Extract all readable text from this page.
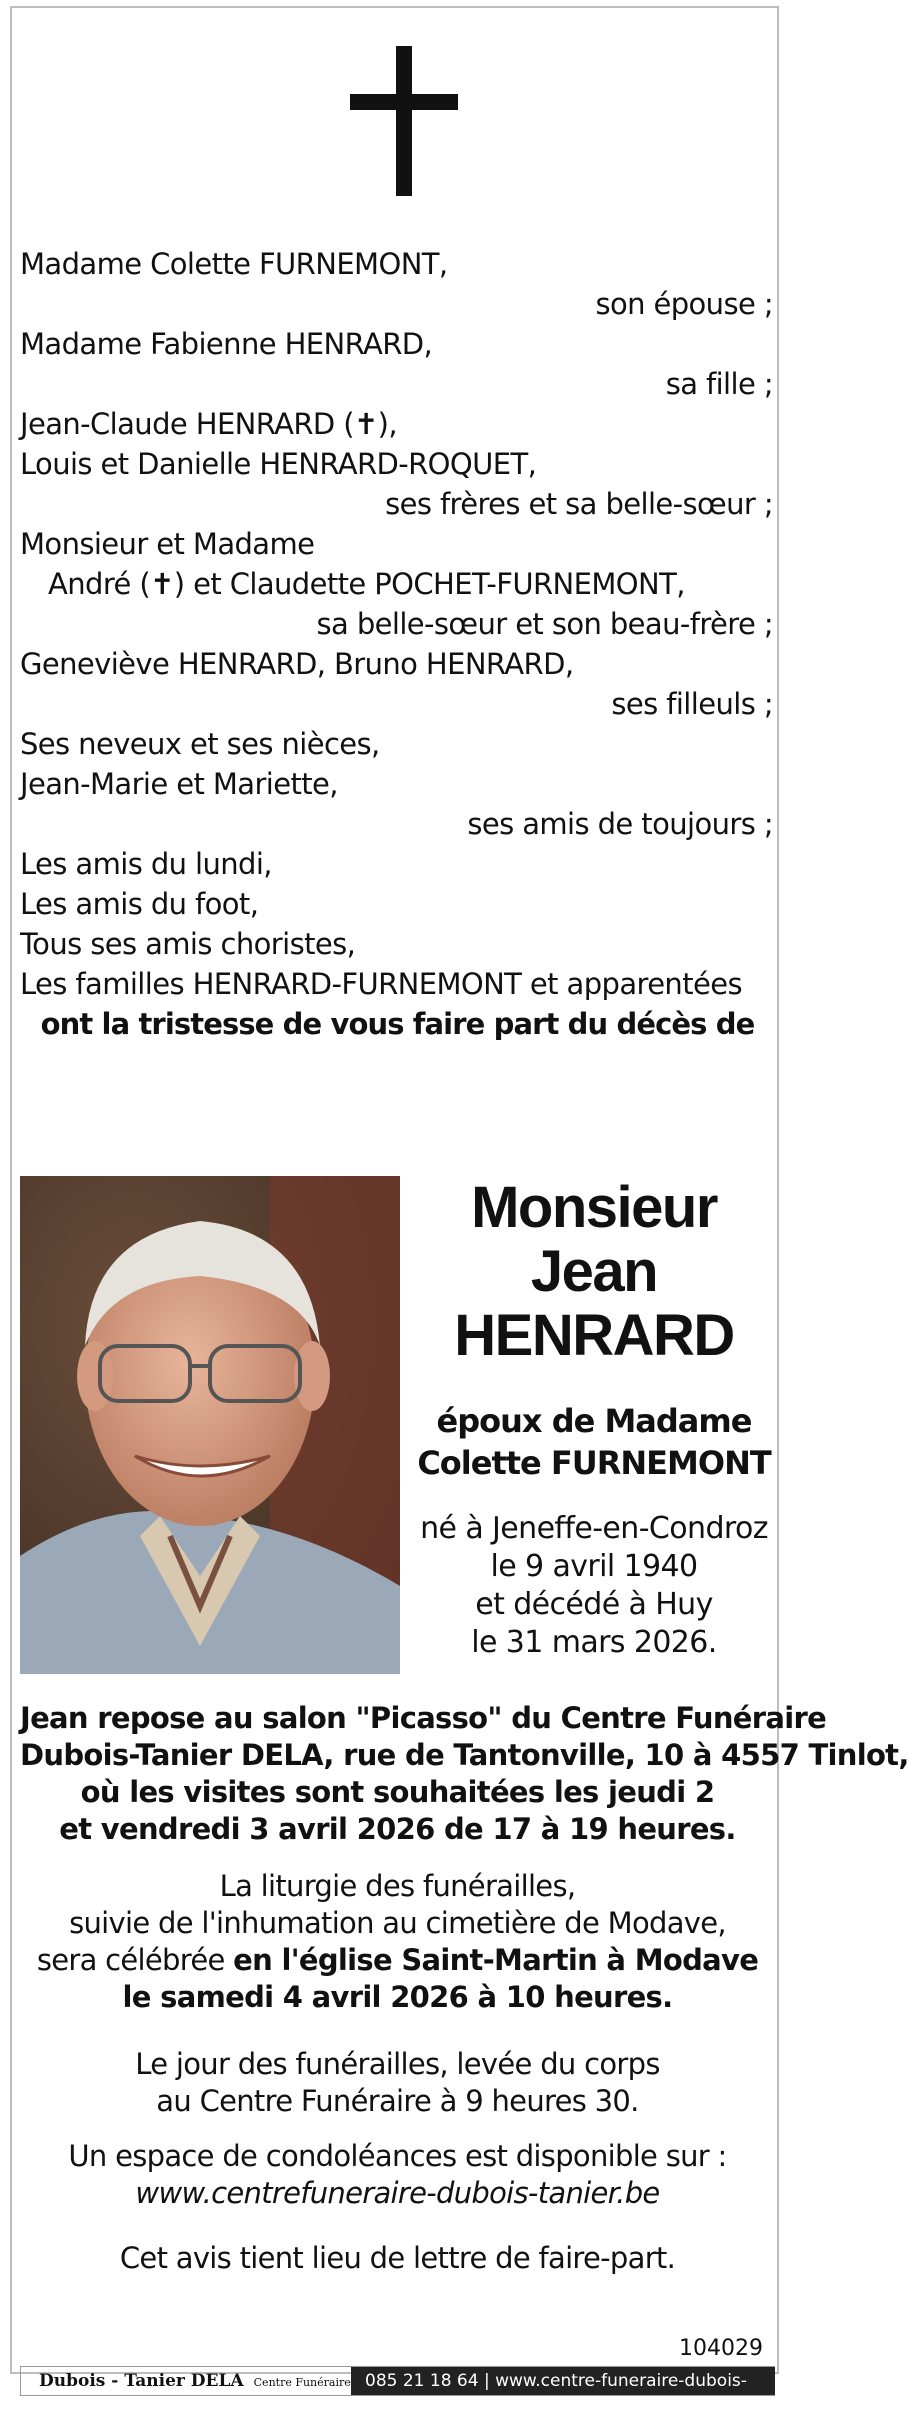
Madame Colette FURNEMONT,
son épouse ;
Madame Fabienne HENRARD,
sa fille ;
Jean-Claude HENRARD (✝),
Louis et Danielle HENRARD-ROQUET,
ses frères et sa belle-sœur ;
Monsieur et Madame
André (✝) et Claudette POCHET-FURNEMONT,
sa belle-sœur et son beau-frère ;
Geneviève HENRARD, Bruno HENRARD,
ses filleuls ;
Ses neveux et ses nièces,
Jean-Marie et Mariette,
ses amis de toujours ;
Les amis du lundi,
Les amis du foot,
Tous ses amis choristes,
Les familles HENRARD-FURNEMONT et apparentées
ont la tristesse de vous faire part du décès de
Monsieur
Jean
HENRARD
époux de Madame
Colette FURNEMONT
né à Jeneffe-en-Condroz
le 9 avril 1940
et décédé à Huy
le 31 mars 2026.
Jean repose au salon "Picasso" du Centre Funéraire
Dubois-Tanier DELA, rue de Tantonville, 10 à 4557 Tinlot,
où les visites sont souhaitées les jeudi 2
et vendredi 3 avril 2026 de 17 à 19 heures.
La liturgie des funérailles,
suivie de l'inhumation au cimetière de Modave,
sera célébrée en l'église Saint-Martin à Modave
le samedi 4 avril 2026 à 10 heures.
Le jour des funérailles, levée du corps
au Centre Funéraire à 9 heures 30.
Un espace de condoléances est disponible sur :
www.centrefuneraire-dubois-tanier.be
Cet avis tient lieu de lettre de faire-part.
104029
Dubois - Tanier DELA Centre Funéraire 085 21 18 64 | www.centre-funeraire-dubois-tanier.be
